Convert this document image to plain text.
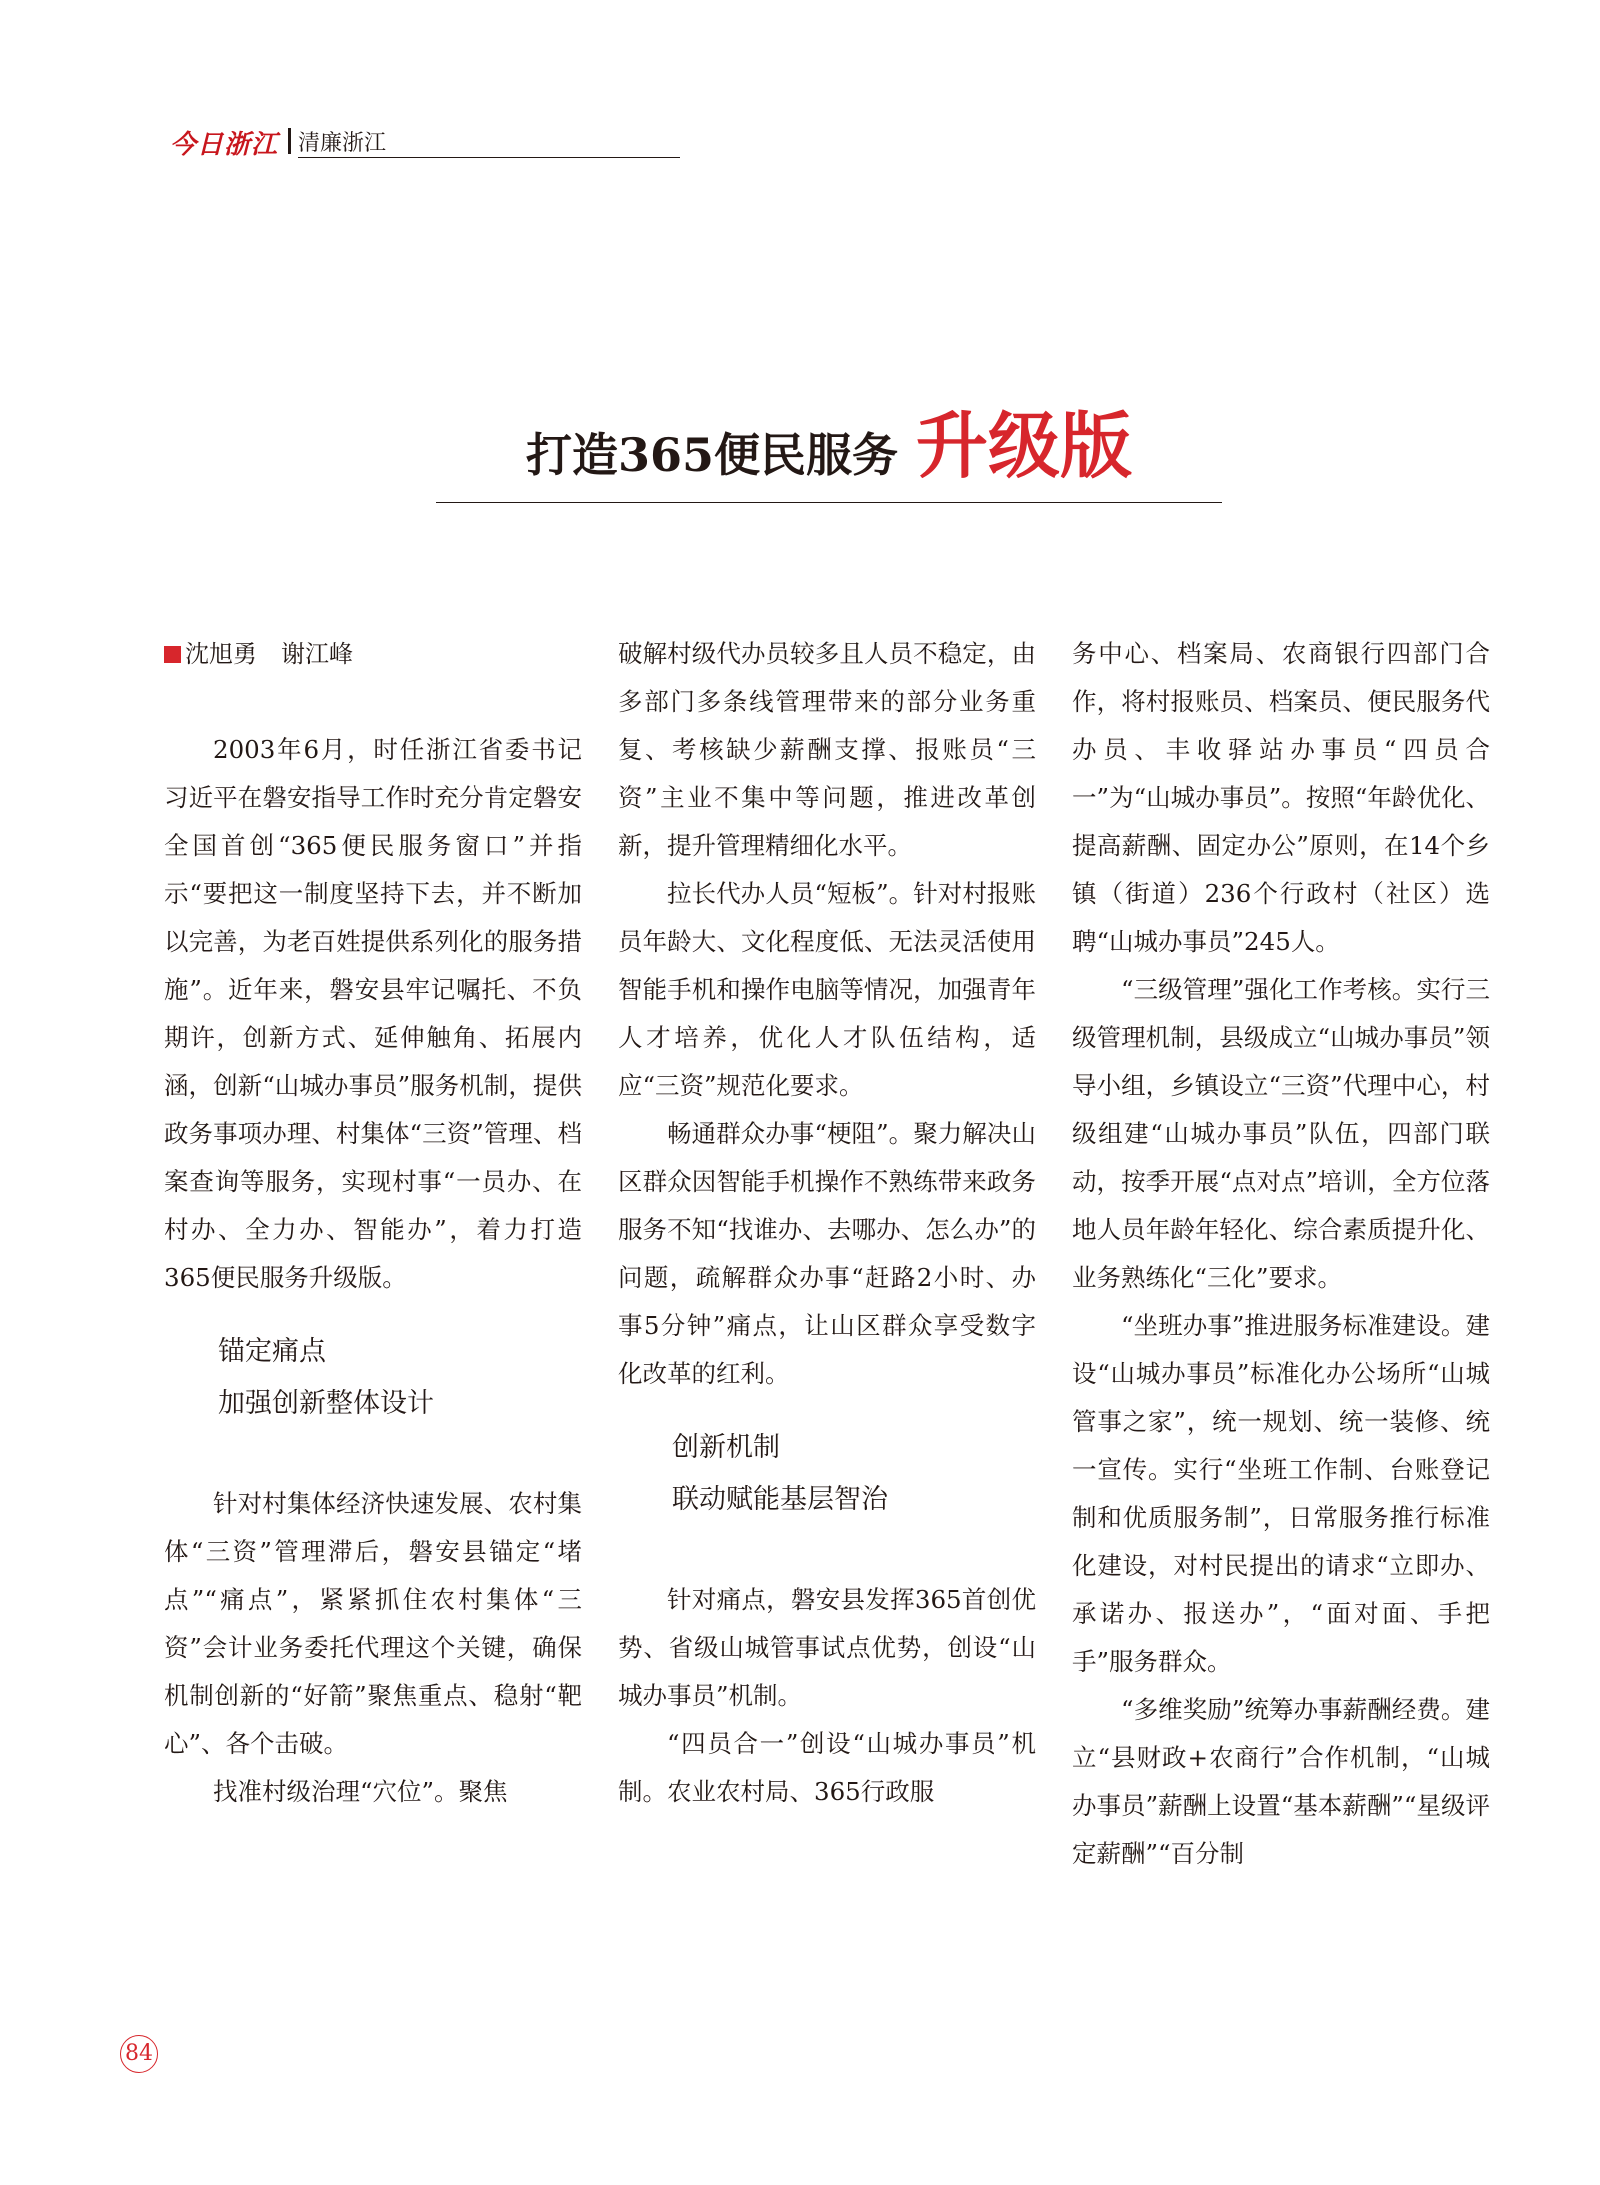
今日浙江 清廉浙江
打造365便民服务 升级版
沈旭勇　谢江峰

2003年6月，时任浙江省委书记习近平在磐安指导工作时充分肯定磐安全国首创“365便民服务窗口”并指示“要把这一制度坚持下去，并不断加以完善，为老百姓提供系列化的服务措施”。近年来，磐安县牢记嘱托、不负期许，创新方式、延伸触角、拓展内涵，创新“山城办事员”服务机制，提供政务事项办理、村集体“三资”管理、档案查询等服务，实现村事“一员办、在村办、全力办、智能办”，着力打造365便民服务升级版。

锚定痛点

加强创新整体设计

针对村集体经济快速发展、农村集体“三资”管理滞后，磐安县锚定“堵点”“痛点”，紧紧抓住农村集体“三资”会计业务委托代理这个关键，确保机制创新的“好箭”聚焦重点、稳射“靶心”、各个击破。

找准村级治理“穴位”。聚焦

破解村级代办员较多且人员不稳定，由多部门多条线管理带来的部分业务重复、考核缺少薪酬支撑、报账员“三资”主业不集中等问题，推进改革创新，提升管理精细化水平。

拉长代办人员“短板”。针对村报账员年龄大、文化程度低、无法灵活使用智能手机和操作电脑等情况，加强青年人才培养，优化人才队伍结构，适应“三资”规范化要求。

畅通群众办事“梗阻”。聚力解决山区群众因智能手机操作不熟练带来政务服务不知“找谁办、去哪办、怎么办”的问题，疏解群众办事“赶路2小时、办事5分钟”痛点，让山区群众享受数字化改革的红利。

创新机制

联动赋能基层智治

针对痛点，磐安县发挥365首创优势、省级山城管事试点优势，创设“山城办事员”机制。

“四员合一”创设“山城办事员”机制。农业农村局、365行政服

务中心、档案局、农商银行四部门合作，将村报账员、档案员、便民服务代办员、丰收驿站办事员“四员合一”为“山城办事员”。按照“年龄优化、提高薪酬、固定办公”原则，在14个乡镇（街道）236个行政村（社区）选聘“山城办事员”245人。

“三级管理”强化工作考核。实行三级管理机制，县级成立“山城办事员”领导小组，乡镇设立“三资”代理中心，村级组建“山城办事员”队伍，四部门联动，按季开展“点对点”培训，全方位落地人员年龄年轻化、综合素质提升化、业务熟练化“三化”要求。

“坐班办事”推进服务标准建设。建设“山城办事员”标准化办公场所“山城管事之家”，统一规划、统一装修、统一宣传。实行“坐班工作制、台账登记制和优质服务制”，日常服务推行标准化建设，对村民提出的请求“立即办、承诺办、报送办”，“面对面、手把手”服务群众。

“多维奖励”统筹办事薪酬经费。建立“县财政+农商行”合作机制，“山城办事员”薪酬上设置“基本薪酬”“星级评定薪酬”“百分制

84
